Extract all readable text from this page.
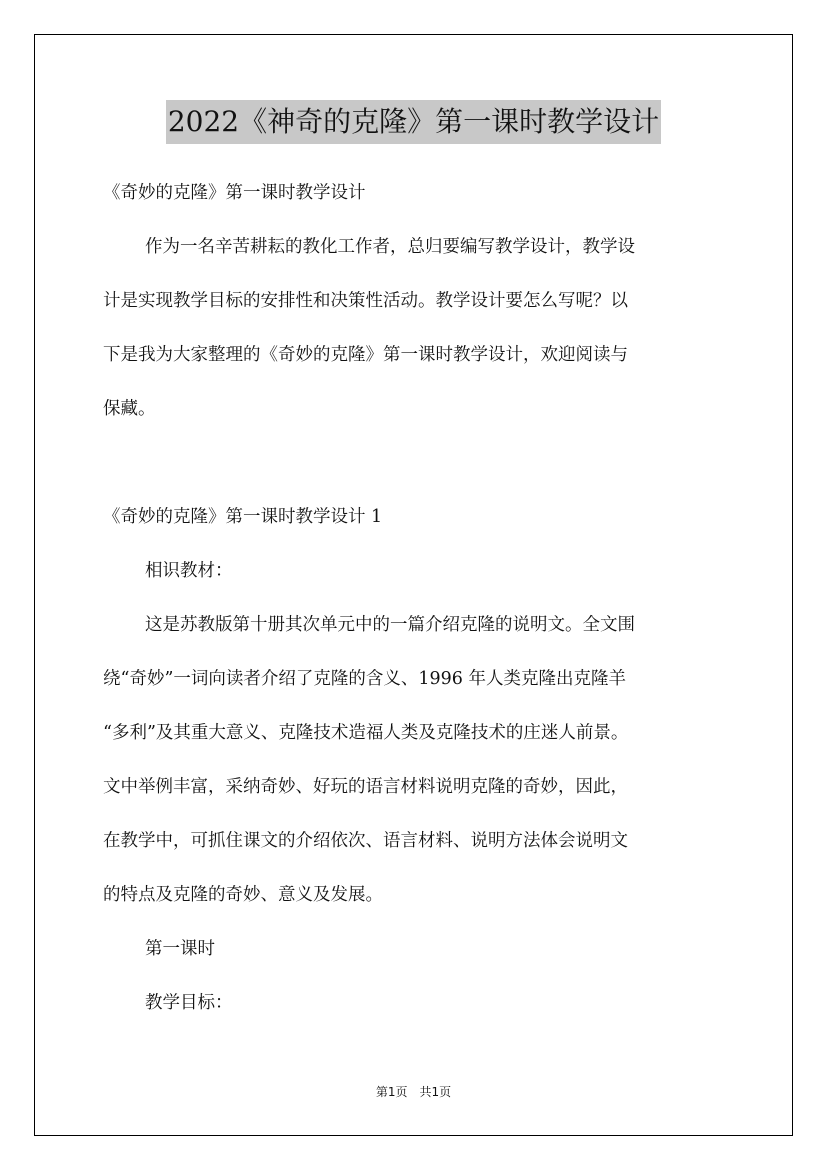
2022《神奇的克隆》第一课时教学设计

《奇妙的克隆》第一课时教学设计

作为一名辛苦耕耘的教化工作者，总归要编写教学设计，教学设

计是实现教学目标的安排性和决策性活动。教学设计要怎么写呢？以

下是我为大家整理的《奇妙的克隆》第一课时教学设计，欢迎阅读与

保藏。

《奇妙的克隆》第一课时教学设计 1

相识教材：

这是苏教版第十册其次单元中的一篇介绍克隆的说明文。全文围

绕“奇妙”一词向读者介绍了克隆的含义、1996 年人类克隆出克隆羊

“多利”及其重大意义、克隆技术造福人类及克隆技术的庄迷人前景。

文中举例丰富，采纳奇妙、好玩的语言材料说明克隆的奇妙，因此，

在教学中，可抓住课文的介绍依次、语言材料、说明方法体会说明文

的特点及克隆的奇妙、意义及发展。

第一课时

教学目标：

第1页　共1页
